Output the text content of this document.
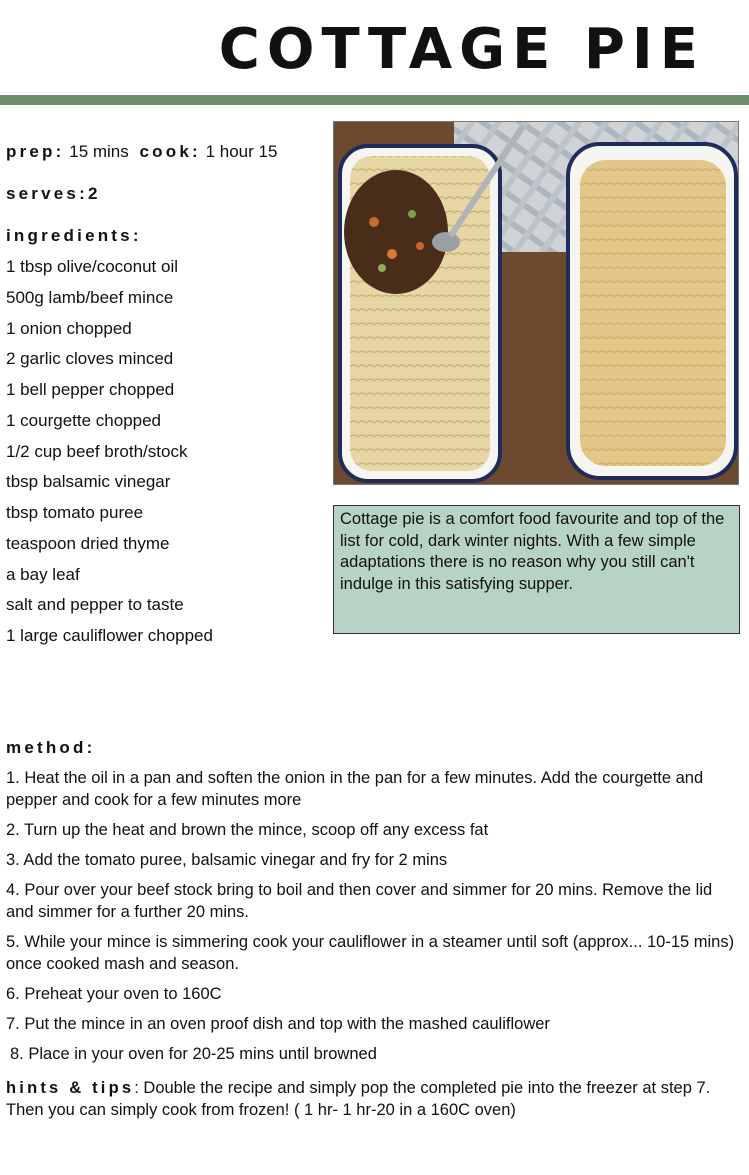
COTTAGE PIE
prep: 15 mins cook: 1 hour 15
serves:2
ingredients:
1 tbsp olive/coconut oil
500g lamb/beef mince
1 onion chopped
2 garlic cloves minced
1 bell pepper chopped
1 courgette chopped
1/2 cup beef broth/stock
tbsp balsamic vinegar
tbsp tomato puree
teaspoon dried thyme
a bay leaf
salt and pepper to taste
1 large cauliflower chopped
Cottage pie is a comfort food favourite and top of the list for cold, dark winter nights. With a few simple adaptations there is no reason why you still can't indulge in this satisfying supper.
method:
1. Heat the oil in a pan and soften the onion in the pan for a few minutes. Add the courgette and pepper and cook for a few minutes more
2. Turn up the heat and brown the mince, scoop off any excess fat
3. Add the tomato puree, balsamic vinegar and fry for 2 mins
4. Pour over your beef stock bring to boil and then cover and simmer for 20 mins. Remove the lid and simmer for a further 20 mins.
5. While your mince is simmering cook your cauliflower in a steamer until soft (approx... 10-15 mins) once cooked mash and season.
6. Preheat your oven to 160C
7. Put the mince in an oven proof dish and top with the mashed cauliflower
8. Place in your oven for 20-25 mins until browned
hints & tips: Double the recipe and simply pop the completed pie into the freezer at step 7. Then you can simply cook from frozen! ( 1 hr- 1 hr-20 in a 160C oven)
